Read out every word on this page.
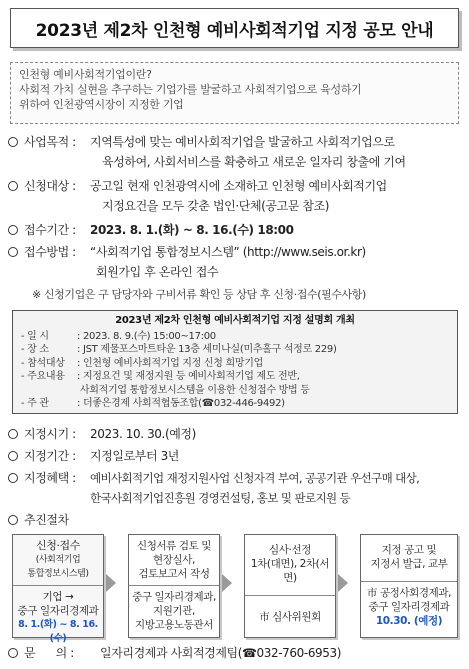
2023년 제2차 인천형 예비사회적기업 지정 공모 안내
인천형 예비사회적기업이란?
사회적 가치 실현을 추구하는 기업가를 발굴하고 사회적기업으로 육성하기
위하여 인천광역시장이 지정한 기업
사업목적 : 지역특성에 맞는 예비사회적기업을 발굴하고 사회적기업으로
육성하여, 사회서비스를 확충하고 새로운 일자리 창출에 기여
신청대상 : 공고일 현재 인천광역시에 소재하고 인천형 예비사회적기업
지정요건을 모두 갖춘 법인·단체(공고문 참조)
접수기간 : 2023. 8. 1.(화) ~ 8. 16.(수) 18:00
접수방법 : “사회적기업 통합정보시스템” (http://www.seis.or.kr)
회원가입 후 온라인 접수
※ 신청기업은 구 담당자와 구비서류 확인 등 상담 후 신청·접수(필수사항)
2023년 제2차 인천형 예비사회적기업 지정 설명회 개최
- 일 시	: 2023. 8. 9.(수) 15:00~17:00
- 장 소	: JST 제물포스마트타운 13층 세미나실(미추홀구 석정로 229)
- 참석대상 : 인천형 예비사회적기업 지정 신청 희망기업
- 주요내용 : 지정요건 및 재정지원 등 예비사회적기업 제도 전반,
사회적기업 통합정보시스템을 이용한 신청접수 방법 등
- 주 관	: 더좋은경제 사회적협동조합(☎032-446-9492)
지정시기 : 2023. 10. 30.(예정)
지정기간 : 지정일로부터 3년
지정혜택 : 예비사회적기업 재정지원사업 신청자격 부여, 공공기관 우선구매 대상,
한국사회적기업진흥원 경영컨설팅, 홍보 및 판로지원 등
추진절차
신청·접수
(사회적기업
통합정보시스템)
기업 →
중구 일자리경제과
8. 1.(화) ~ 8. 16.(수)
신청서류 검토 및
현장실사,
검토보고서 작성
중구 일자리경제과,
지원기관,
지방고용노동관서
심사·선정
1차(대면), 2차(서면)
市 심사위원회
지정 공고 및
지정서 발급, 교부
市 공정사회경제과,
중구 일자리경제과
10.30. (예정)
문      의 : 일자리경제과 사회적경제팀(☎032-760-6953)
